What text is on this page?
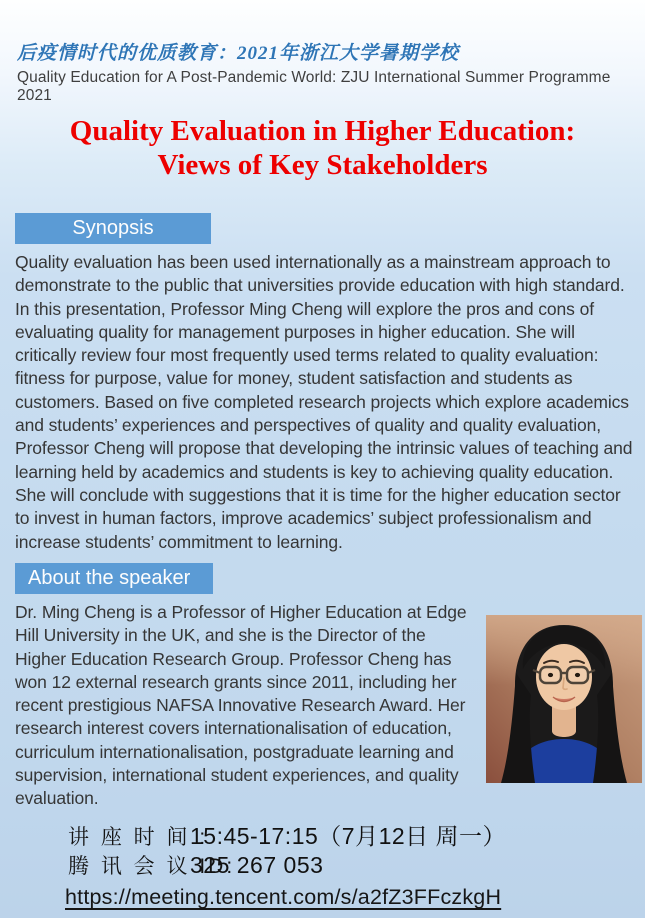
后疫情时代的优质教育：2021年浙江大学暑期学校
Quality Education for A Post-Pandemic World: ZJU International Summer Programme 2021
Quality Evaluation in Higher Education:
Views of Key Stakeholders
Synopsis

Quality evaluation has been used internationally as a mainstream approach to demonstrate to the public that universities provide education with high standard. In this presentation, Professor Ming Cheng will explore the pros and cons of evaluating quality for management purposes in higher education. She will critically review four most frequently used terms related to quality evaluation: fitness for purpose, value for money, student satisfaction and students as customers. Based on five completed research projects which explore academics and students’ experiences and perspectives of quality and quality evaluation, Professor Cheng will propose that developing the intrinsic values of teaching and learning held by academics and students is key to achieving quality education. She will conclude with suggestions that it is time for the higher education sector to invest in human factors, improve academics’ subject professionalism and increase students’ commitment to learning.

About the speaker

Dr. Ming Cheng is a Professor of Higher Education at Edge Hill University in the UK, and she is the Director of the Higher Education Research Group. Professor Cheng has won 12 external research grants since 2011, including her recent prestigious NAFSA Innovative Research Award. Her research interest covers internationalisation of education, curriculum internationalisation, postgraduate learning and supervision, international student experiences, and quality evaluation.

讲 座 时 间 :
15:45-17:15（7月12日 周一）
腾 讯 会 议 ID:
325 267 053
https://meeting.tencent.com/s/a2fZ3FFczkgH
